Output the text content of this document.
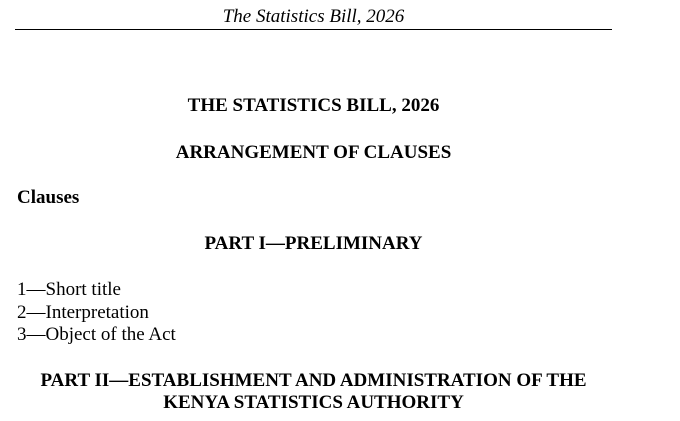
The Statistics Bill, 2026
THE STATISTICS BILL, 2026
ARRANGEMENT OF CLAUSES
Clauses
PART I—PRELIMINARY
1—Short title
2—Interpretation
3—Object of the Act
PART II—ESTABLISHMENT AND ADMINISTRATION OF THE
KENYA STATISTICS AUTHORITY
